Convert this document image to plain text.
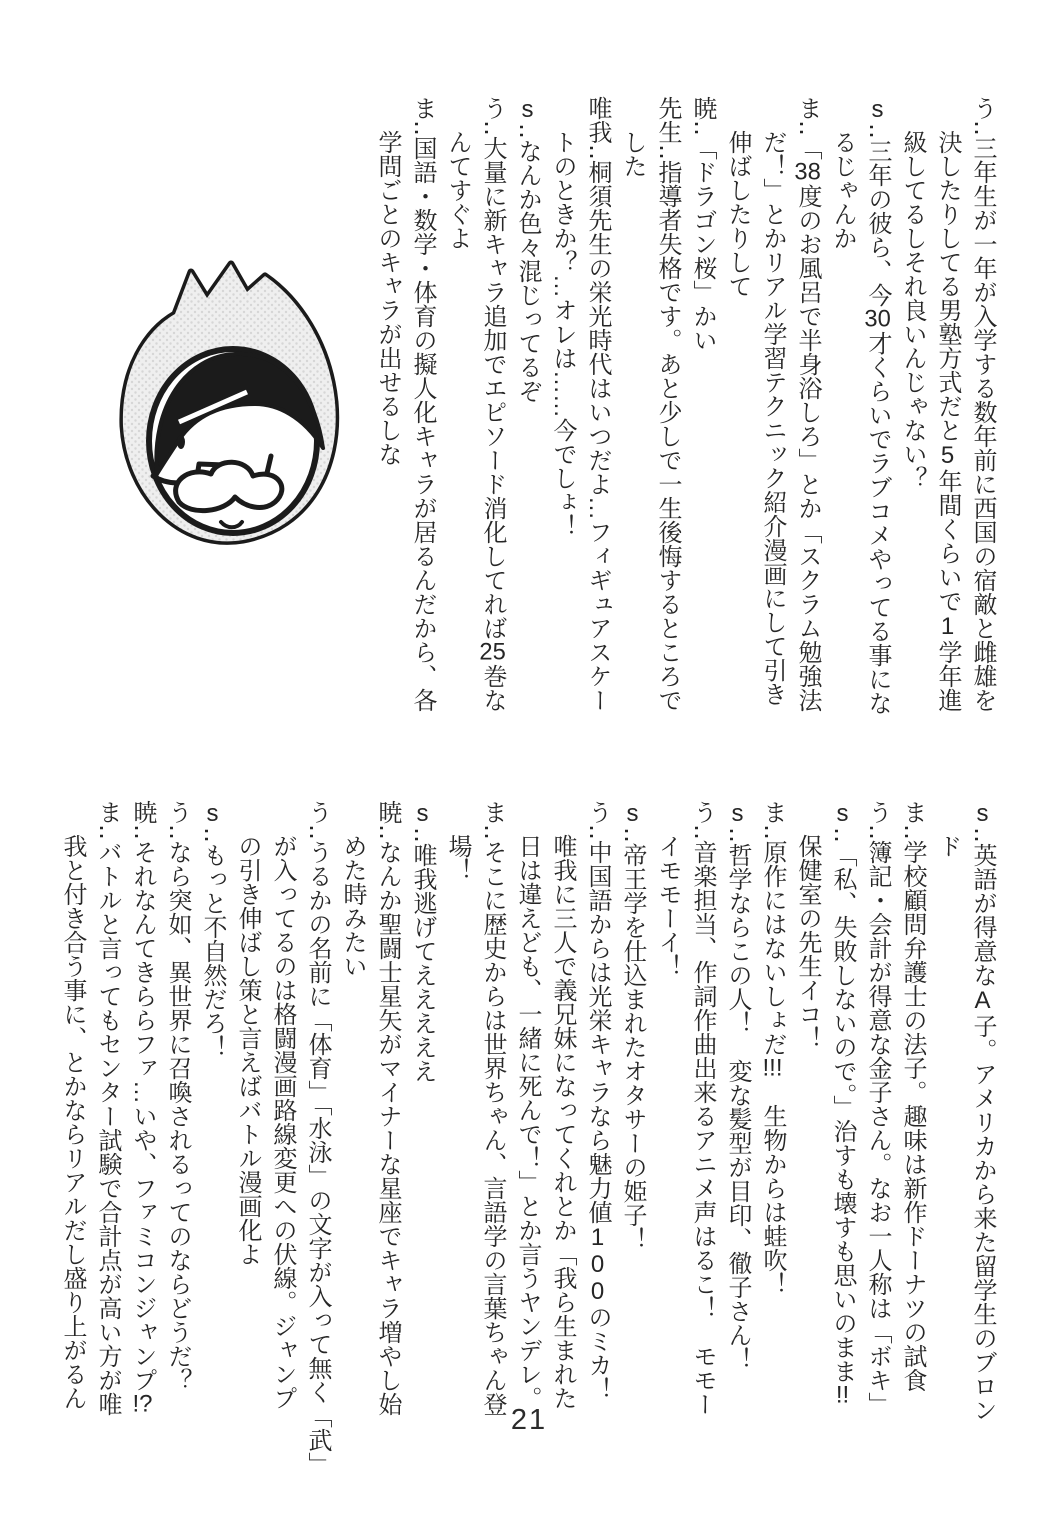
う‥三年生が一年が入学する数年前に西国の宿敵と雌雄を
決したりしてる男塾方式だと5年間くらいで1学年進
級してるしそれ良いんじゃない？
s‥三年の彼ら、今30才くらいでラブコメやってる事にな
るじゃんか
ま‥「38度のお風呂で半身浴しろ」とか「スクラム勉強法
だ！」とかリアル学習テクニック紹介漫画にして引き
伸ばしたりして
暁‥「ドラゴン桜」かい
先生‥指導者失格です。あと少しで一生後悔するところで
した
唯我‥桐須先生の栄光時代はいつだよ…フィギュアスケー
トのときか？…オレは……今でしょ！
s‥なんか色々混じってるぞ
う‥大量に新キャラ追加でエピソード消化してれば25巻な
んてすぐよ
ま‥国語・数学・体育の擬人化キャラが居るんだから、各
学問ごとのキャラが出せるしな
s‥英語が得意なA子。アメリカから来た留学生のブロン
ド
ま‥学校顧問弁護士の法子。趣味は新作ドーナツの試食
う‥簿記・会計が得意な金子さん。なお一人称は「ボキ」
s‥「私、失敗しないので。」治すも壊すも思いのまま!!
保健室の先生イコ！
ま‥原作にはないしょだ!!!　生物からは蛙吹！
s‥哲学ならこの人！　変な髪型が目印、徹子さん！
う‥音楽担当、作詞作曲出来るアニメ声はるこ！　モモー
イモモーイ！
s‥帝王学を仕込まれたオタサーの姫子！
う‥中国語からは光栄キャラなら魅力値100のミカ！
唯我に三人で義兄妹になってくれとか「我ら生まれた
日は違えども、一緒に死んで！」とか言うヤンデレ。
ま‥そこに歴史からは世界ちゃん、言語学の言葉ちゃん登
場！
s‥唯我逃げてえええええ
暁‥なんか聖闘士星矢がマイナーな星座でキャラ増やし始
めた時みたい
う‥うるかの名前に「体育」「水泳」の文字が入って無く「武」
が入ってるのは格闘漫画路線変更への伏線。ジャンプ
の引き伸ばし策と言えばバトル漫画化よ
s‥もっと不自然だろ！
う‥なら突如、異世界に召喚されるってのならどうだ？
暁‥それなんてきららファ…いや、ファミコンジャンプ!?
ま‥バトルと言ってもセンター試験で合計点が高い方が唯
我と付き合う事に、とかならリアルだし盛り上がるん
21
